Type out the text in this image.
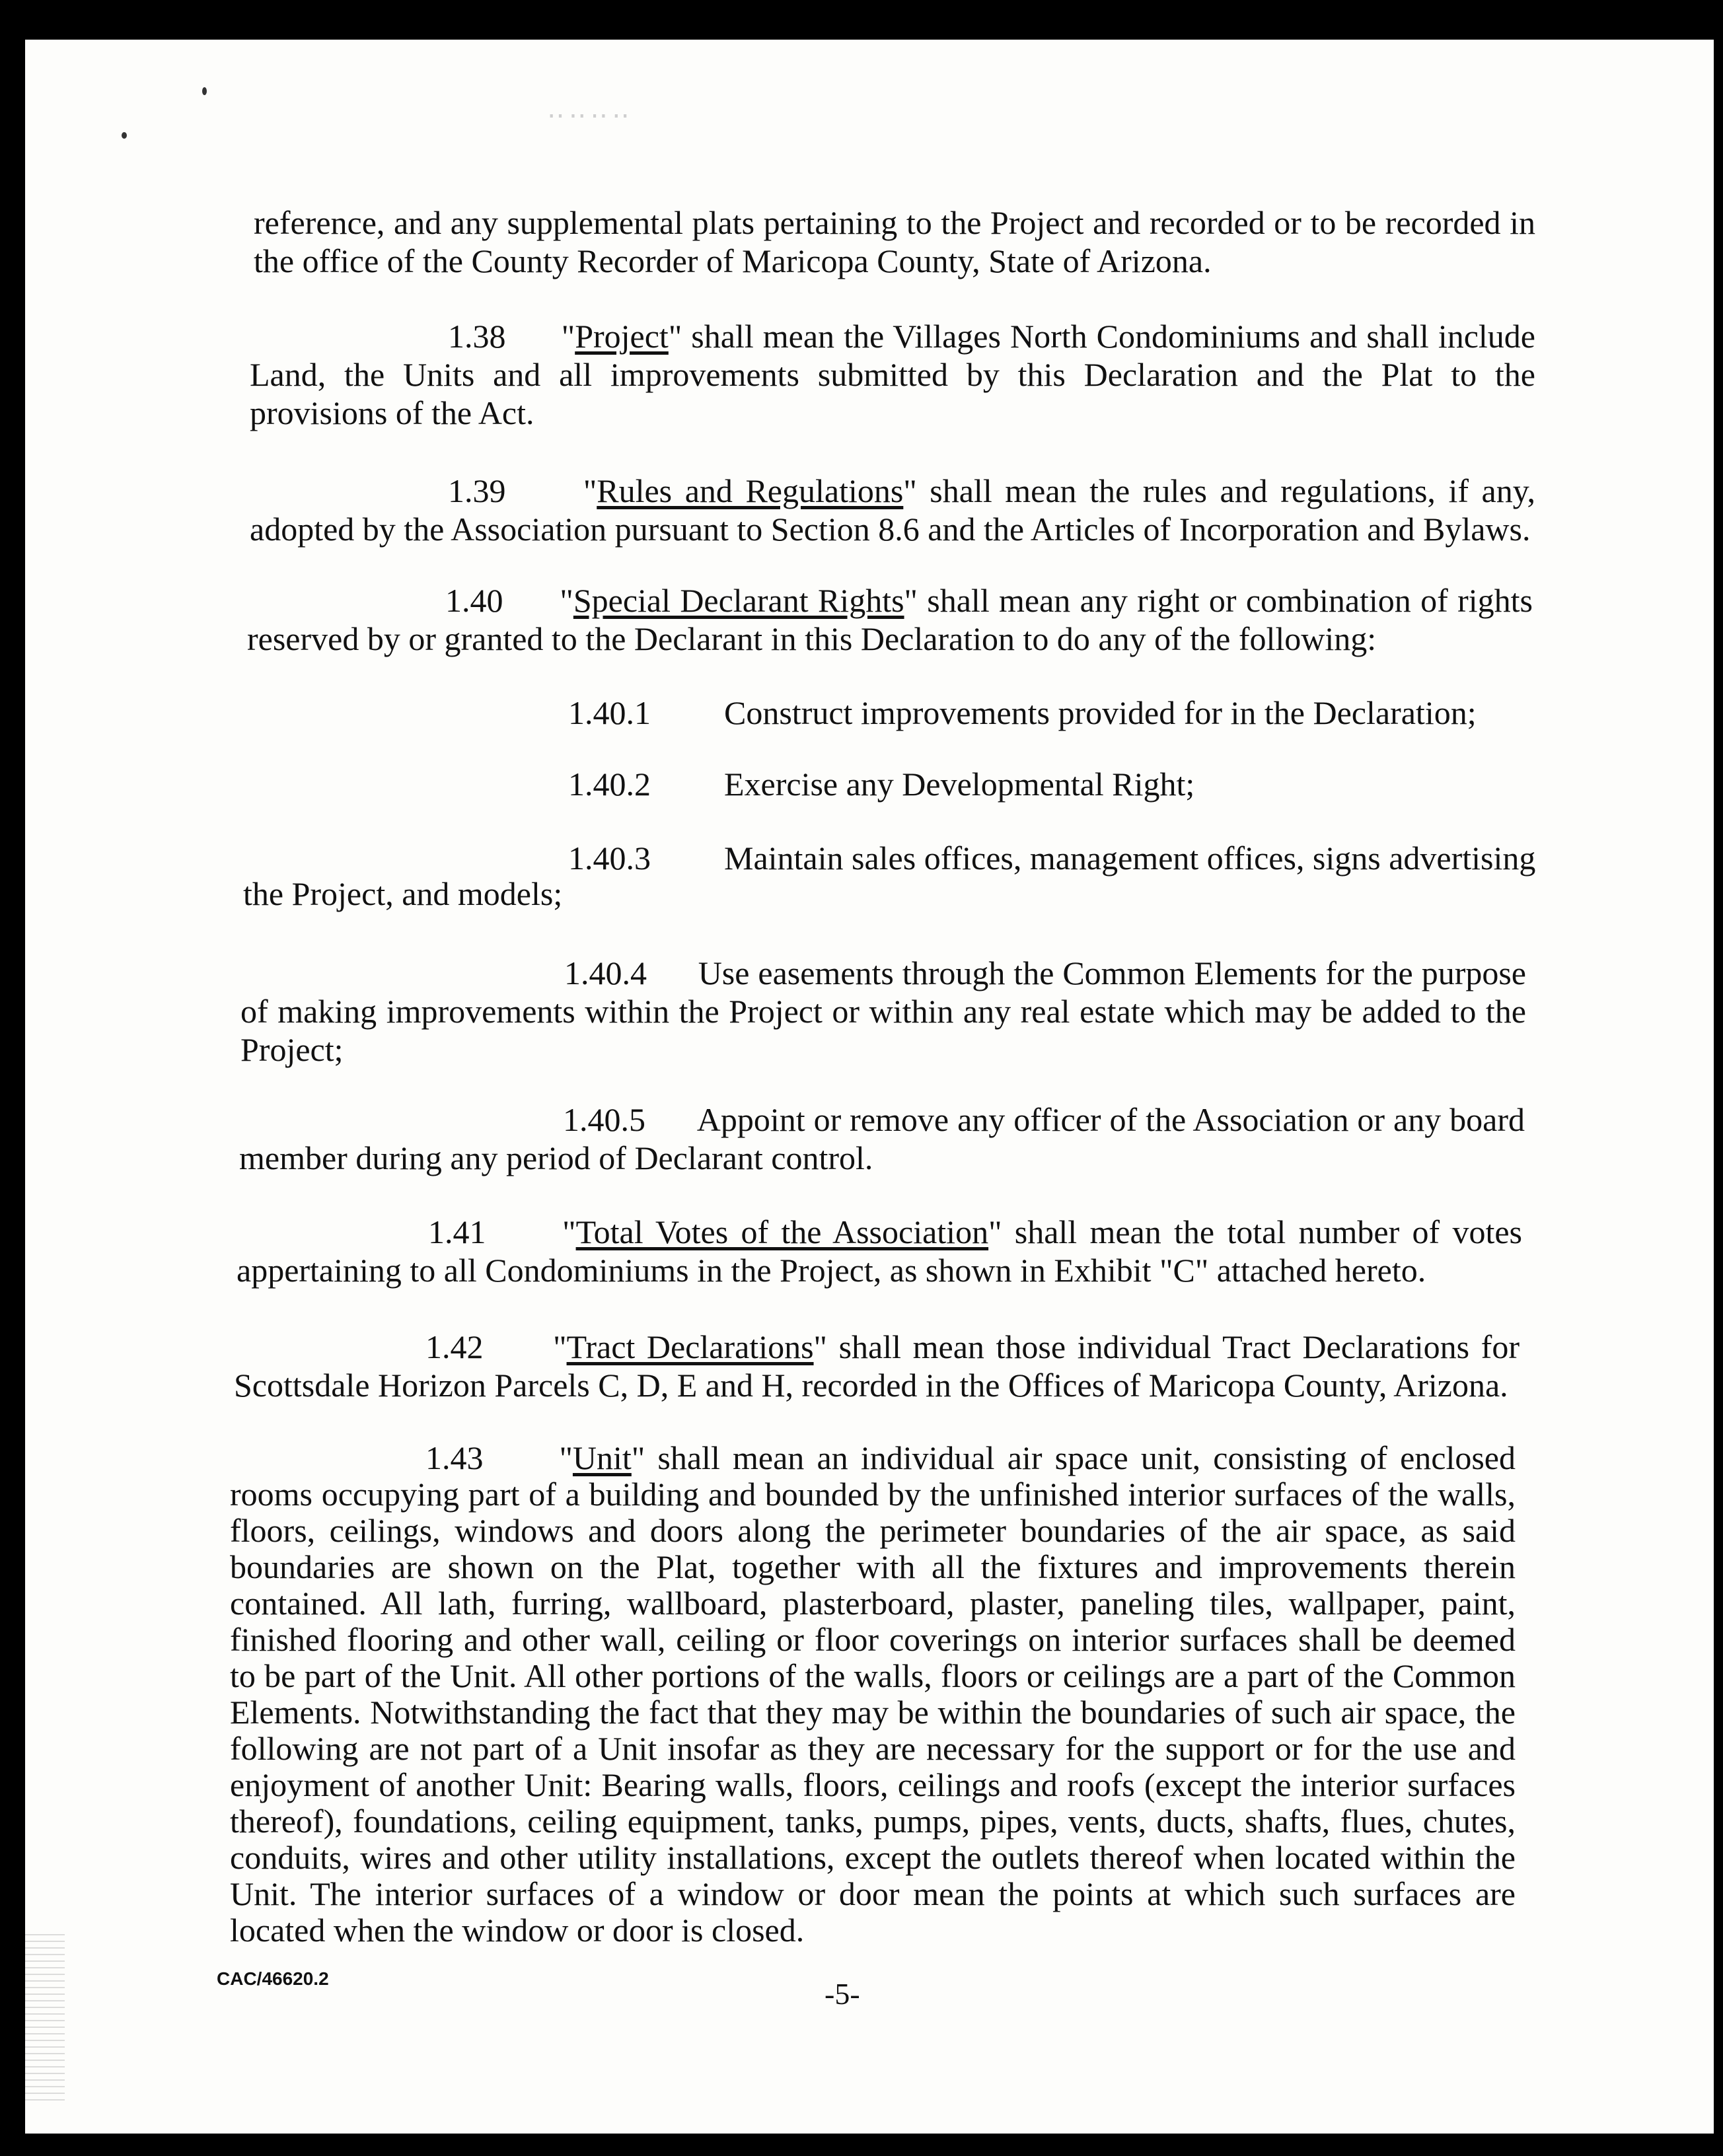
‥‥‥‥

reference, and any supplemental plats pertaining to the Project and recorded or to be recorded in the office of the County Recorder of Maricopa County, State of Arizona.

1.38      "Project" shall mean the Villages North Condominiums and shall include Land, the Units and all improvements submitted by this Declaration and the Plat to the provisions of the Act.

1.39      "Rules and Regulations" shall mean the rules and regulations, if any, adopted by the Association pursuant to Section 8.6 and the Articles of Incorporation and Bylaws.

1.40      "Special Declarant Rights" shall mean any right or combination of rights reserved by or granted to the Declarant in this Declaration to do any of the following:

1.40.1 Construct improvements provided for in the Declaration;
1.40.2 Exercise any Developmental Right;
1.40.3 Maintain sales offices, management offices, signs advertising
the Project, and models;

1.40.4 Use easements through the Common Elements for the purpose of making improvements within the Project or within any real estate which may be added to the Project;

1.40.5 Appoint or remove any officer of the Association or any board member during any period of Declarant control.

1.41      "Total Votes of the Association" shall mean the total number of votes appertaining to all Condominiums in the Project, as shown in Exhibit "C" attached hereto.

1.42      "Tract Declarations" shall mean those individual Tract Declarations for Scottsdale Horizon Parcels C, D, E and H, recorded in the Offices of Maricopa County, Arizona.

1.43      "Unit" shall mean an individual air space unit, consisting of enclosed rooms occupying part of a building and bounded by the unfinished interior surfaces of the walls, floors, ceilings, windows and doors along the perimeter boundaries of the air space, as said boundaries are shown on the Plat, together with all the fixtures and improvements therein contained. All lath, furring, wallboard, plasterboard, plaster, paneling tiles, wallpaper, paint, finished flooring and other wall, ceiling or floor coverings on interior surfaces shall be deemed to be part of the Unit. All other portions of the walls, floors or ceilings are a part of the Common Elements. Notwithstanding the fact that they may be within the boundaries of such air space, the following are not part of a Unit insofar as they are necessary for the support or for the use and enjoyment of another Unit: Bearing walls, floors, ceilings and roofs (except the interior surfaces thereof), foundations, ceiling equipment, tanks, pumps, pipes, vents, ducts, shafts, flues, chutes, conduits, wires and other utility installations, except the outlets thereof when located within the Unit. The interior surfaces of a window or door mean the points at which such surfaces are located when the window or door is closed.

CAC/46620.2	-5-
